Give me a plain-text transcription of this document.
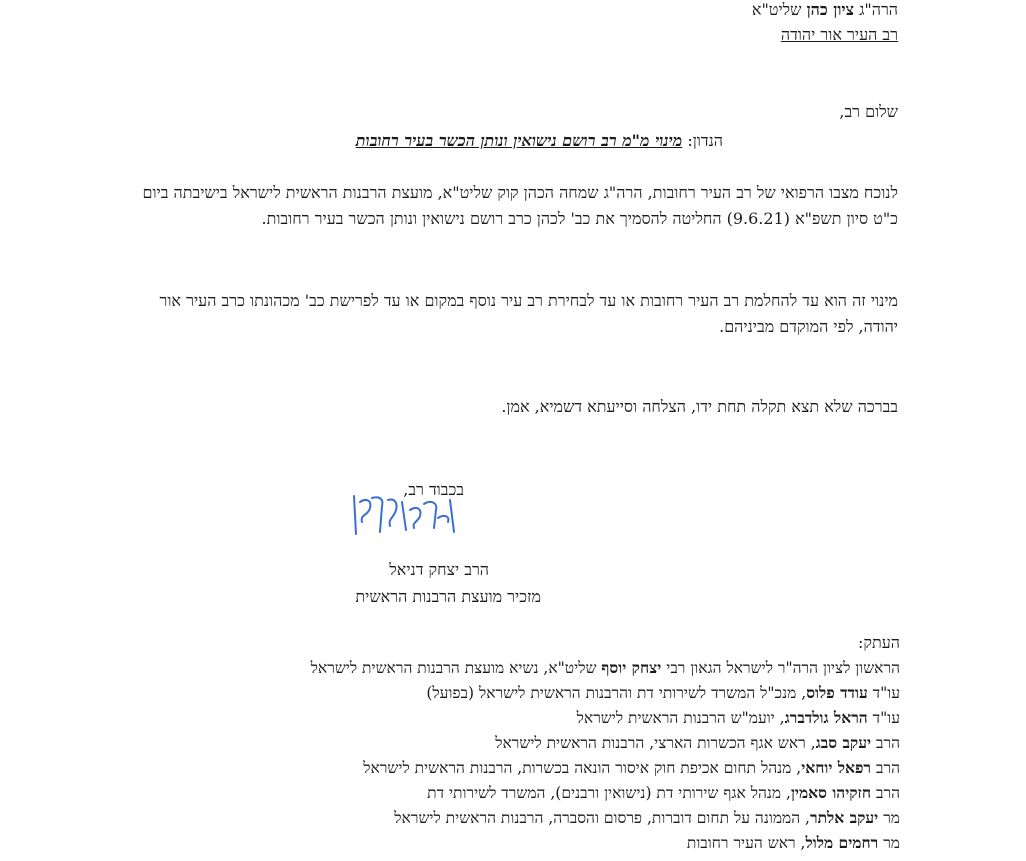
הרה"ג ציון כהן שליט"א
רב העיר אור יהודה
שלום רב,
הנדון: מינוי מ"מ רב רושם נישואין ונותן הכשר בעיר רחובות
לנוכח מצבו הרפואי של רב העיר רחובות, הרה"ג שמחה הכהן קוק שליט"א, מועצת הרבנות הראשית לישראל בישיבתה ביום כ"ט סיון תשפ"א (9.6.21) החליטה להסמיך את כב' לכהן כרב רושם נישואין ונותן הכשר בעיר רחובות.
מינוי זה הוא עד להחלמת רב העיר רחובות או עד לבחירת רב עיר נוסף במקום או עד לפרישת כב' מכהונתו כרב העיר אור יהודה, לפי המוקדם מביניהם.
בברכה שלא תצא תקלה תחת ידו, הצלחה וסייעתא דשמיא, אמן.
בכבוד רב,
הרב יצחק דניאל
מזכיר מועצת הרבנות הראשית
העתק:
הראשון לציון הרה"ר לישראל הגאון רבי יצחק יוסף שליט"א, נשיא מועצת הרבנות הראשית לישראל
עו"ד עודד פלוס, מנכ"ל המשרד לשירותי דת והרבנות הראשית לישראל (בפועל)
עו"ד הראל גולדברג, יועמ"ש הרבנות הראשית לישראל
הרב יעקב סבג, ראש אגף הכשרות הארצי, הרבנות הראשית לישראל
הרב רפאל יוחאי, מנהל תחום אכיפת חוק איסור הונאה בכשרות, הרבנות הראשית לישראל
הרב חזקיהו סאמין, מנהל אגף שירותי דת (נישואין ורבנים), המשרד לשירותי דת
מר יעקב אלתר, הממונה על תחום דוברות, פרסום והסברה, הרבנות הראשית לישראל
מר רחמים מלול, ראש העיר רחובות
